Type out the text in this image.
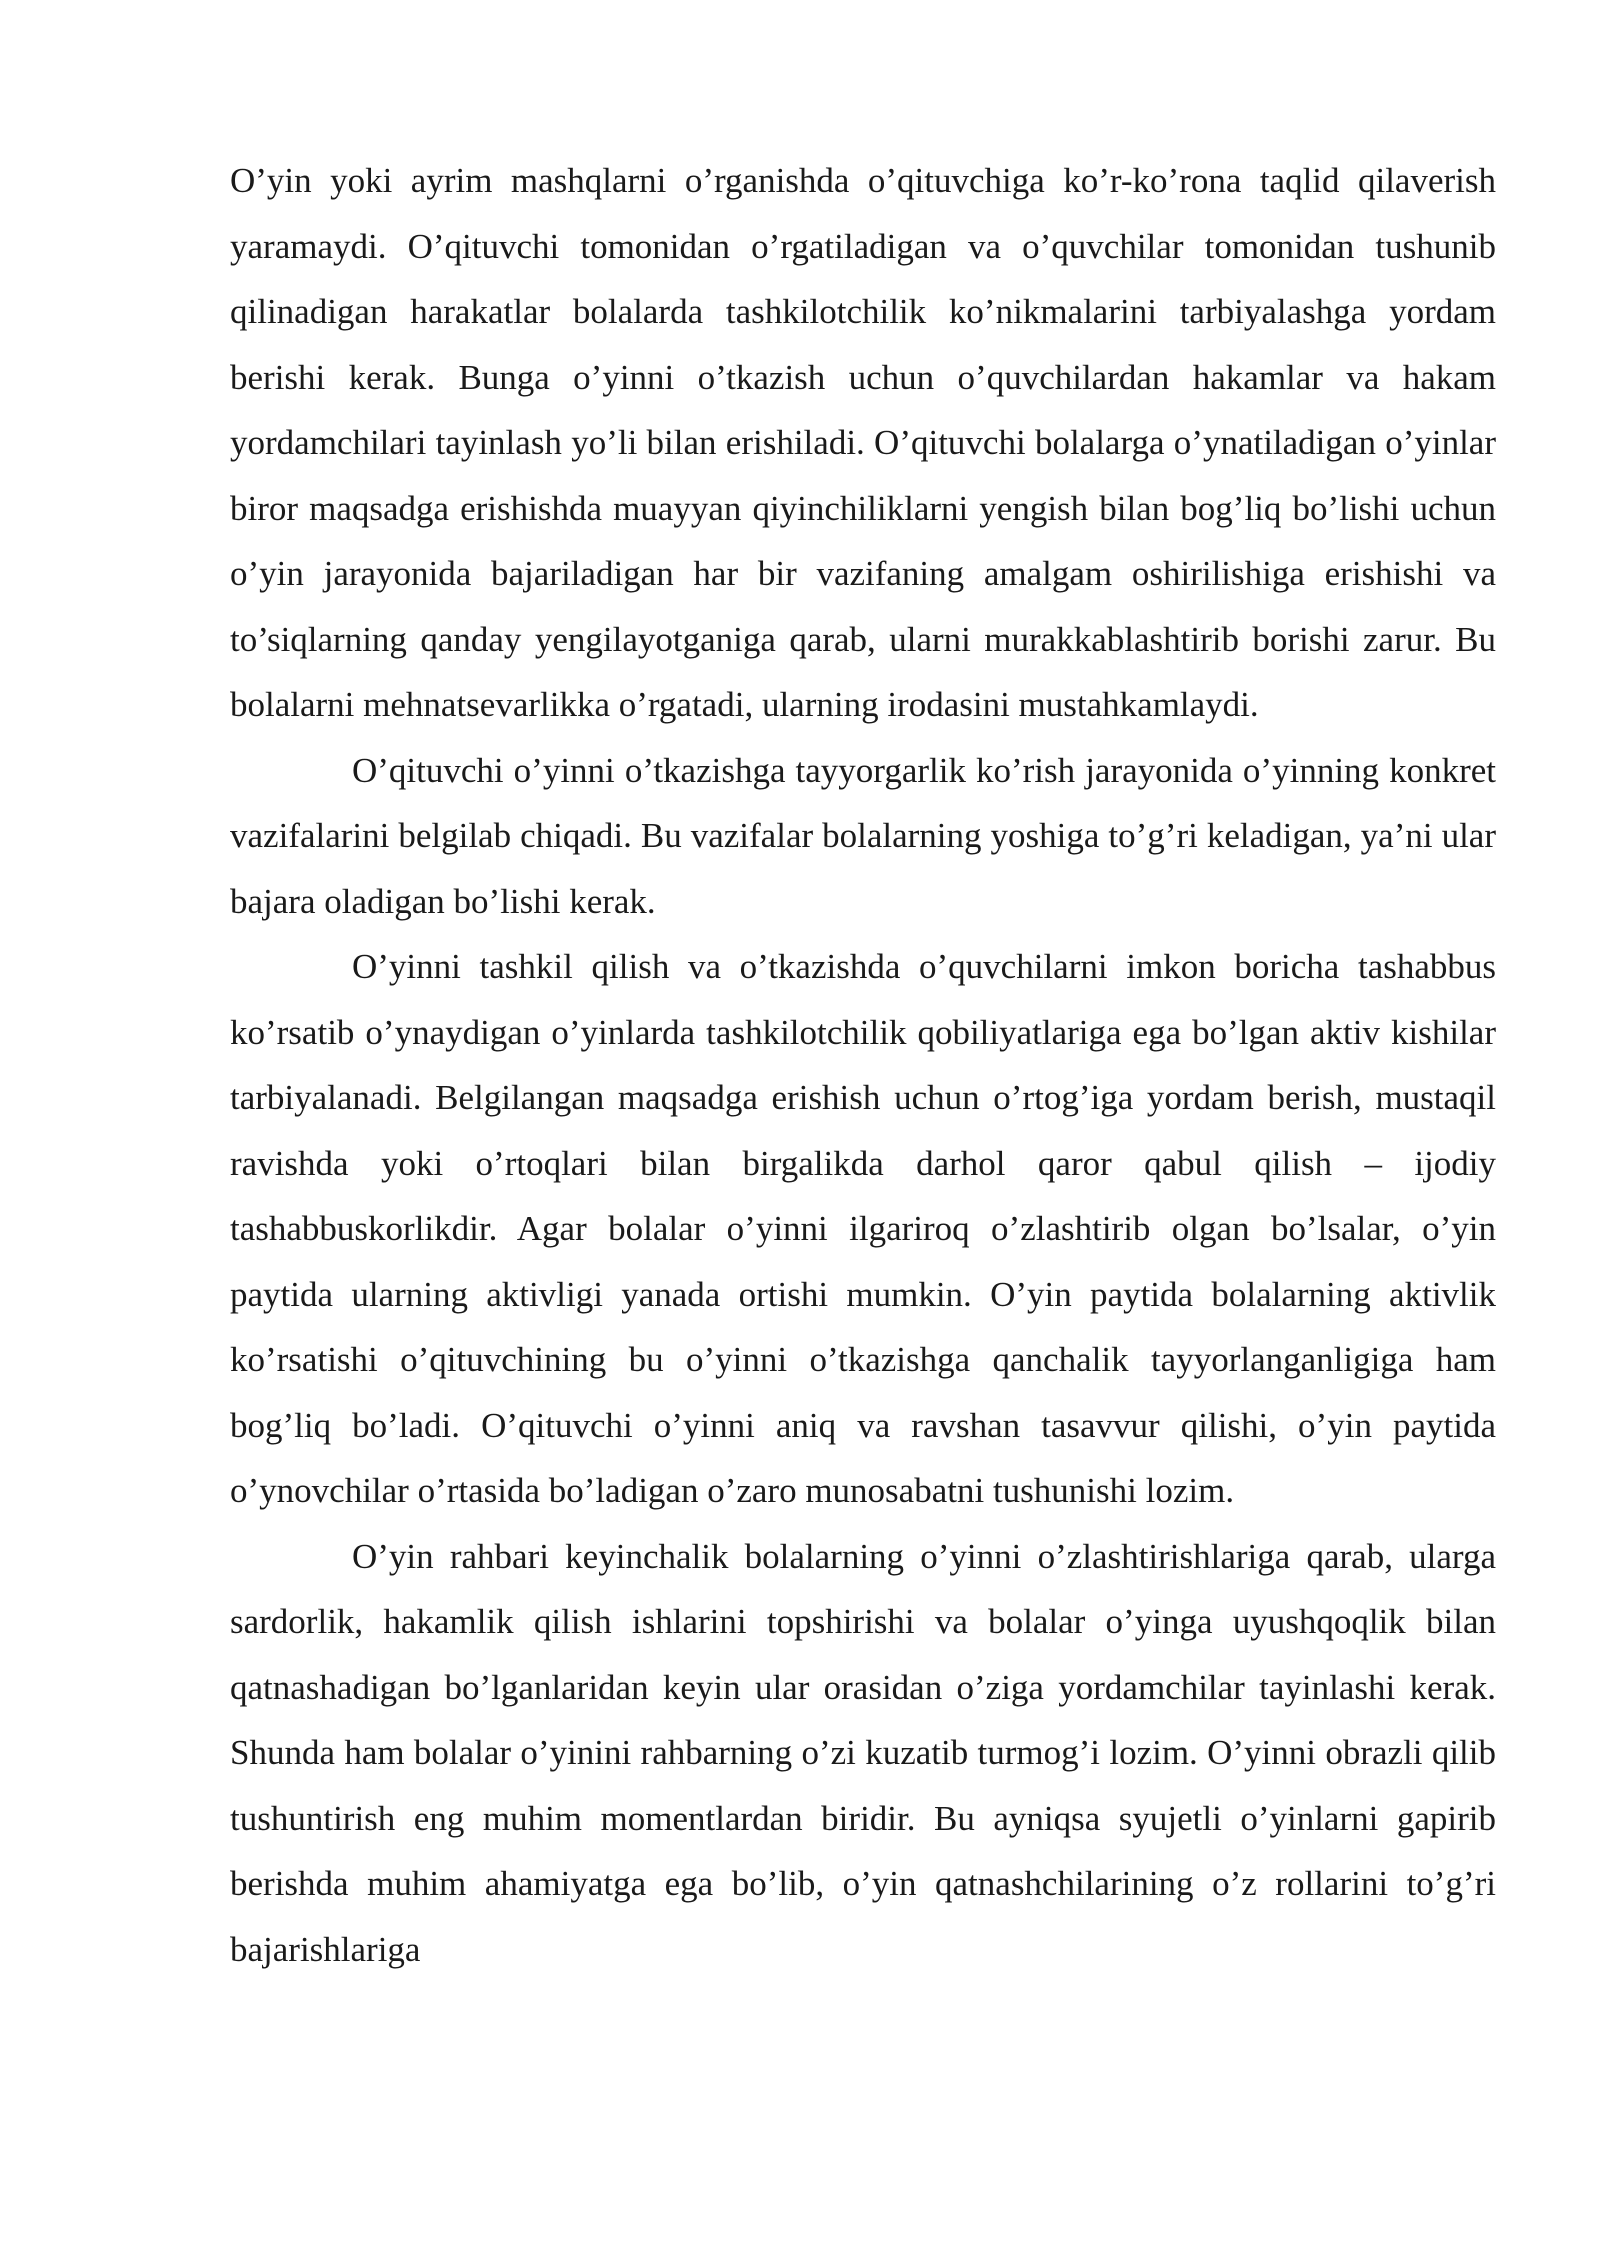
O’yin yoki ayrim mashqlarni o’rganishda o’qituvchiga ko’r-ko’rona taqlid qilaverish yaramaydi. O’qituvchi tomonidan o’rgatiladigan va o’quvchilar tomonidan tushunib qilinadigan harakatlar bolalarda tashkilotchilik ko’nikmalarini tarbiyalashga yordam berishi kerak. Bunga o’yinni o’tkazish uchun o’quvchilardan hakamlar va hakam yordamchilari tayinlash yo’li bilan erishiladi. O’qituvchi bolalarga o’ynatiladigan o’yinlar biror maqsadga erishishda muayyan qiyinchiliklarni yengish bilan bog’liq bo’lishi uchun o’yin jarayonida bajariladigan har bir vazifaning amalgam oshirilishiga erishishi va to’siqlarning qanday yengilayotganiga qarab, ularni murakkablashtirib borishi zarur. Bu bolalarni mehnatsevarlikka o’rgatadi, ularning irodasini mustahkamlaydi.

O’qituvchi o’yinni o’tkazishga tayyorgarlik ko’rish jarayonida o’yinning konkret vazifalarini belgilab chiqadi. Bu vazifalar bolalarning yoshiga to’g’ri keladigan, ya’ni ular bajara oladigan bo’lishi kerak.

O’yinni tashkil qilish va o’tkazishda o’quvchilarni imkon boricha tashabbus ko’rsatib o’ynaydigan o’yinlarda tashkilotchilik qobiliyatlariga ega bo’lgan aktiv kishilar tarbiyalanadi. Belgilangan maqsadga erishish uchun o’rtog’iga yordam berish, mustaqil ravishda yoki o’rtoqlari bilan birgalikda darhol qaror qabul qilish – ijodiy tashabbuskorlikdir. Agar bolalar o’yinni ilgariroq o’zlashtirib olgan bo’lsalar, o’yin paytida ularning aktivligi yanada ortishi mumkin. O’yin paytida bolalarning aktivlik ko’rsatishi o’qituvchining bu o’yinni o’tkazishga qanchalik tayyorlanganligiga ham bog’liq bo’ladi. O’qituvchi o’yinni aniq va ravshan tasavvur qilishi, o’yin paytida o’ynovchilar o’rtasida bo’ladigan o’zaro munosabatni tushunishi lozim.

O’yin rahbari keyinchalik bolalarning o’yinni o’zlashtirishlariga qarab, ularga sardorlik, hakamlik qilish ishlarini topshirishi va bolalar o’yinga uyushqoqlik bilan qatnashadigan bo’lganlaridan keyin ular orasidan o’ziga yordamchilar tayinlashi kerak. Shunda ham bolalar o’yinini rahbarning o’zi kuzatib turmog’i lozim. O’yinni obrazli qilib tushuntirish eng muhim momentlardan biridir. Bu ayniqsa syujetli o’yinlarni gapirib berishda muhim ahamiyatga ega bo’lib, o’yin qatnashchilarining o’z rollarini to’g’ri bajarishlariga
